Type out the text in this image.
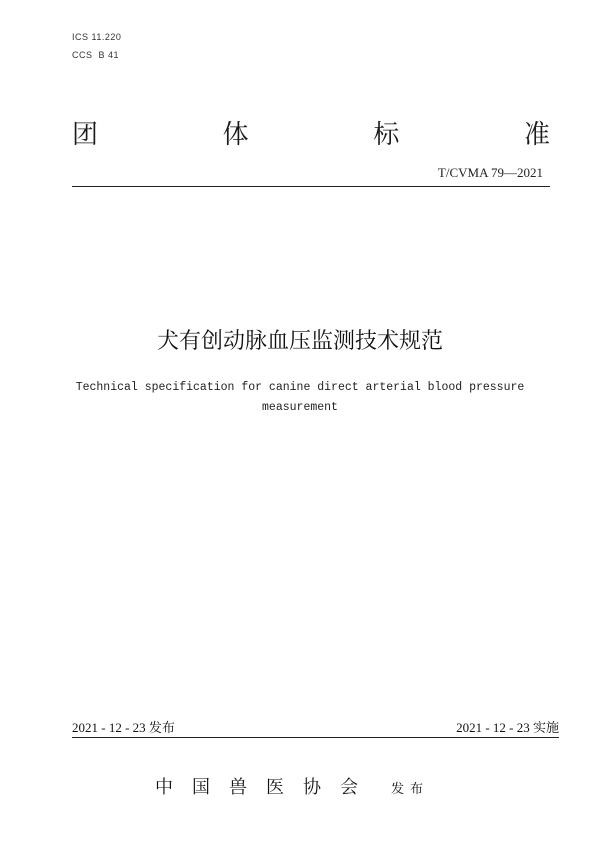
ICS 11.220
CCS  B 41
团	体	标	准
T/CVMA 79—2021
犬有创动脉血压监测技术规范
Technical specification for canine direct arterial blood pressure
measurement
2021 - 12 - 23 发布	2021 - 12 - 23 实施
中 国 兽 医 协 会	发布
